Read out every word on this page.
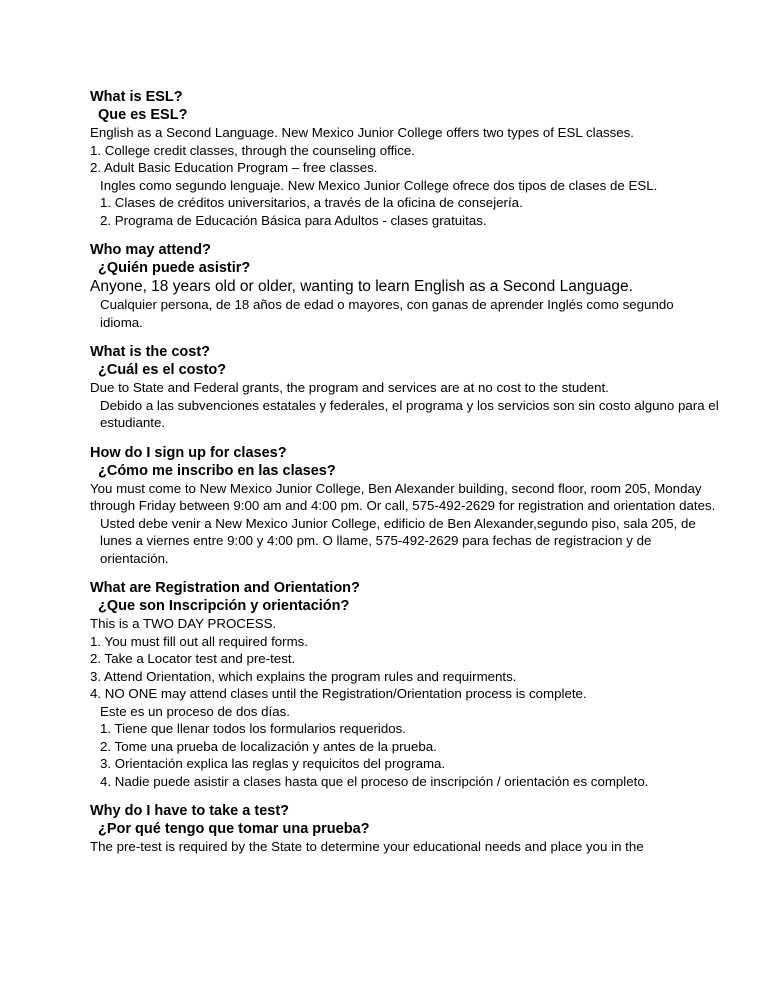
What is ESL?
Que es ESL?

English as a Second Language. New Mexico Junior College offers two types of ESL classes.

1. College credit classes, through the counseling office.

2. Adult Basic Education Program – free classes.

Ingles como segundo lenguaje. New Mexico Junior College ofrece dos tipos de clases de ESL.

1. Clases de créditos universitarios, a través de la oficina de consejería.

2. Programa de Educación Básica para Adultos - clases gratuitas.

Who may attend?
¿Quién puede asistir?

Anyone, 18 years old or older, wanting to learn English as a Second Language.

Cualquier persona, de 18 años de edad o mayores, con ganas de aprender Inglés como segundo idioma.

What is the cost?
¿Cuál es el costo?

Due to State and Federal grants, the program and services are at no cost to the student.

Debido a las subvenciones estatales y federales, el programa y los servicios son sin costo alguno para el estudiante.

How do I sign up for clases?
¿Cómo me inscribo en las clases?

You must come to New Mexico Junior College, Ben Alexander building, second floor, room 205, Monday through Friday between 9:00 am and 4:00 pm. Or call, 575-492-2629 for registration and orientation dates.

Usted debe venir a New Mexico Junior College, edificio de Ben Alexander,segundo piso, sala 205, de

lunes a viernes entre 9:00 y 4:00 pm. O llame, 575-492-2629 para fechas de registracion y de orientación.

What are Registration and Orientation?
¿Que son Inscripción y orientación?

This is a TWO DAY PROCESS.

1. You must fill out all required forms.

2. Take a Locator test and pre-test.

3. Attend Orientation, which explains the program rules and requirments.

4. NO ONE may attend clases until the Registration/Orientation process is complete.

Este es un proceso de dos días.

1. Tiene que llenar todos los formularios requeridos.

2. Tome una prueba de localización y antes de la prueba.

3. Orientación explica las reglas y requicitos del programa.

4. Nadie puede asistir a clases hasta que el proceso de inscripción / orientación es completo.

Why do I have to take a test?
¿Por qué tengo que tomar una prueba?

The pre-test is required by the State to determine your educational needs and place you in the
